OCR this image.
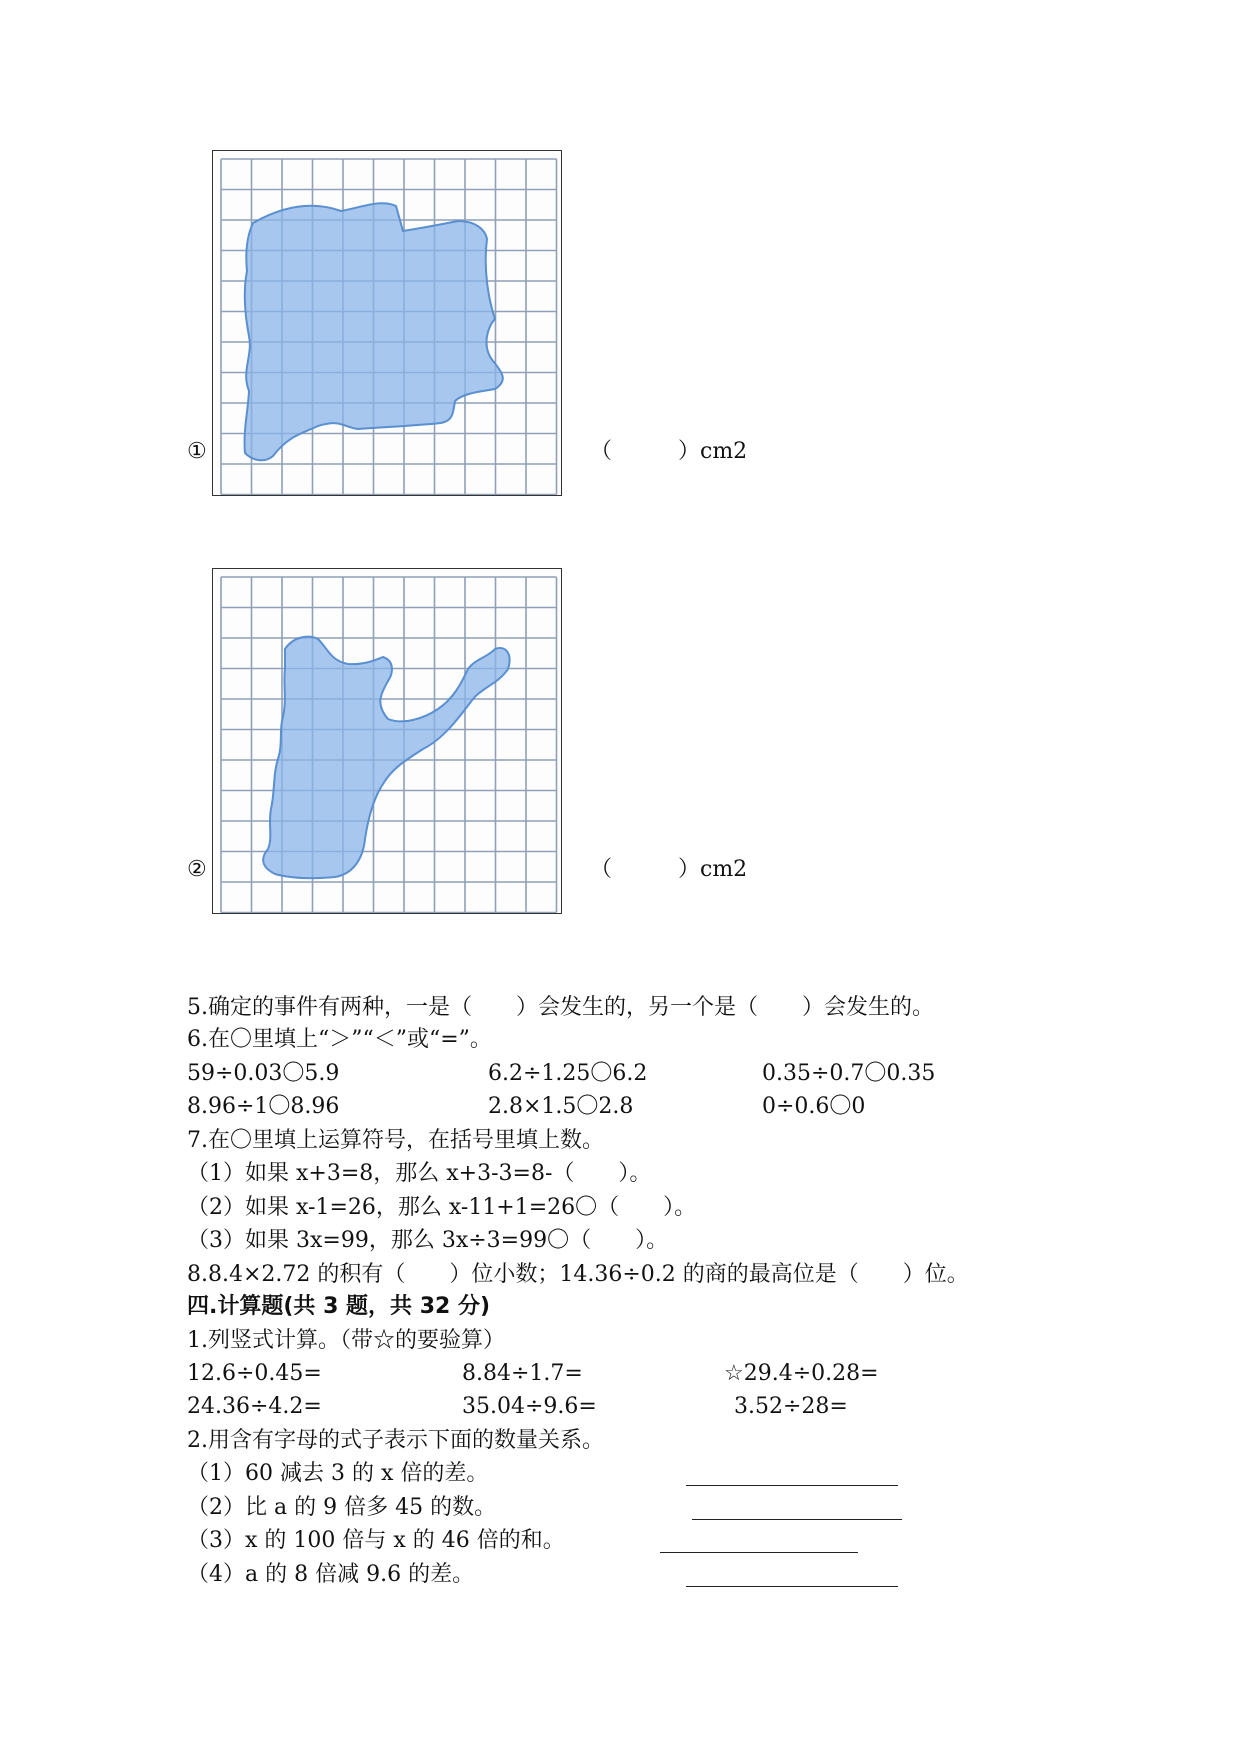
①	（　　　）cm2
②	（　　　）cm2
5.确定的事件有两种，一是（　　）会发生的，另一个是（　　）会发生的。
6.在〇里填上“＞”“＜”或“=”。
59÷0.03〇5.9	6.2÷1.25〇6.2	0.35÷0.7〇0.35
8.96÷1〇8.96	2.8×1.5〇2.8	0÷0.6〇0
7.在〇里填上运算符号，在括号里填上数。
（1）如果 x+3=8，那么 x+3-3=8-（　　）。
（2）如果 x-1=26，那么 x-11+1=26〇（　　）。
（3）如果 3x=99，那么 3x÷3=99〇（　　）。
8.8.4×2.72 的积有（　　）位小数；14.36÷0.2 的商的最高位是（　　）位。
四.计算题(共 3 题，共 32 分)
1.列竖式计算。（带☆的要验算）
12.6÷0.45=	8.84÷1.7=	☆29.4÷0.28=
24.36÷4.2=	35.04÷9.6=	3.52÷28=
2.用含有字母的式子表示下面的数量关系。
（1）60 减去 3 的 x 倍的差。
（2）比 a 的 9 倍多 45 的数。
（3）x 的 100 倍与 x 的 46 倍的和。
（4）a 的 8 倍减 9.6 的差。
